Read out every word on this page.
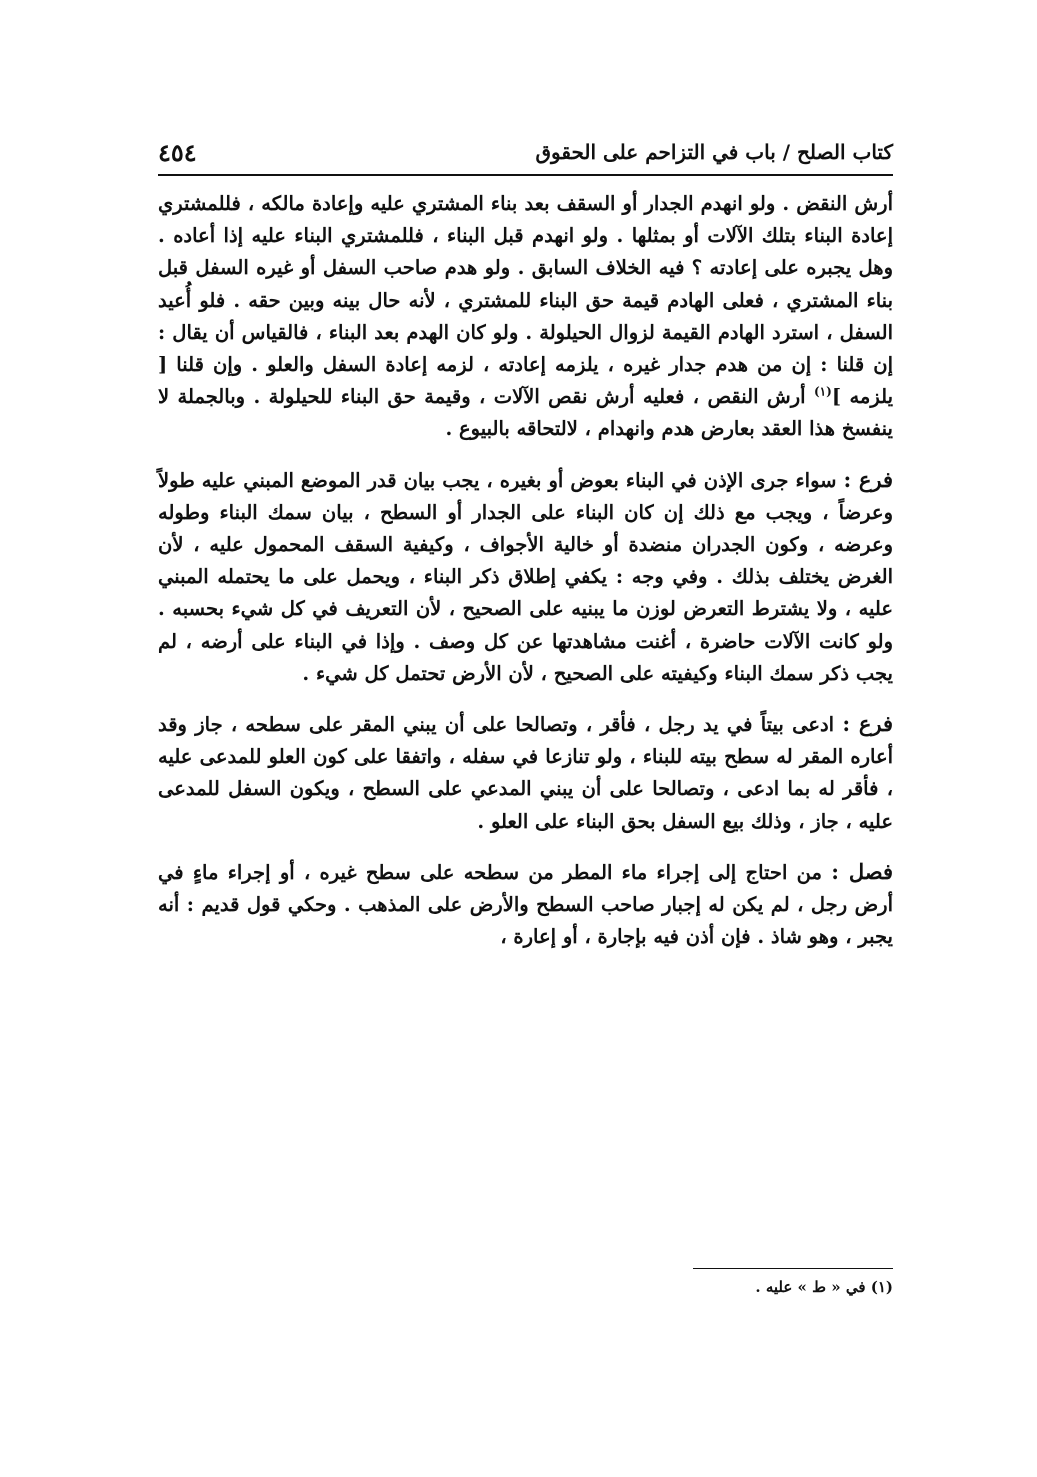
كتاب الصلح / باب في التزاحم على الحقوق
٤٥٤

أرش النقض . ولو انهدم الجدار أو السقف بعد بناء المشتري عليه وإعادة مالكه ، فللمشتري إعادة البناء بتلك الآلات أو بمثلها . ولو انهدم قبل البناء ، فللمشتري البناء عليه إذا أعاده . وهل يجبره على إعادته ؟ فيه الخلاف السابق . ولو هدم صاحب السفل أو غيره السفل قبل بناء المشتري ، فعلى الهادم قيمة حق البناء للمشتري ، لأنه حال بينه وبين حقه . فلو أُعيد السفل ، استرد الهادم القيمة لزوال الحيلولة . ولو كان الهدم بعد البناء ، فالقياس أن يقال : إن قلنا : إن من هدم جدار غيره ، يلزمه إعادته ، لزمه إعادة السفل والعلو . وإن قلنا [ يلزمه ]$^{(١)}$ أرش النقص ، فعليه أرش نقص الآلات ، وقيمة حق البناء للحيلولة . وبالجملة لا ينفسخ هذا العقد بعارض هدم وانهدام ، لالتحاقه بالبيوع .

فرع : سواء جرى الإذن في البناء بعوض أو بغيره ، يجب بيان قدر الموضع المبني عليه طولاً وعرضاً ، ويجب مع ذلك إن كان البناء على الجدار أو السطح ، بيان سمك البناء وطوله وعرضه ، وكون الجدران منضدة أو خالية الأجواف ، وكيفية السقف المحمول عليه ، لأن الغرض يختلف بذلك . وفي وجه : يكفي إطلاق ذكر البناء ، ويحمل على ما يحتمله المبني عليه ، ولا يشترط التعرض لوزن ما يبنيه على الصحيح ، لأن التعريف في كل شيء بحسبه . ولو كانت الآلات حاضرة ، أغنت مشاهدتها عن كل وصف . وإذا في البناء على أرضه ، لم يجب ذكر سمك البناء وكيفيته على الصحيح ، لأن الأرض تحتمل كل شيء .

فرع : ادعى بيتاً في يد رجل ، فأقر ، وتصالحا على أن يبني المقر على سطحه ، جاز وقد أعاره المقر له سطح بيته للبناء ، ولو تنازعا في سفله ، واتفقا على كون العلو للمدعى عليه ، فأقر له بما ادعى ، وتصالحا على أن يبني المدعي على السطح ، ويكون السفل للمدعى عليه ، جاز ، وذلك بيع السفل بحق البناء على العلو .

فصل : من احتاج إلى إجراء ماء المطر من سطحه على سطح غيره ، أو إجراء ماءٍ في أرض رجل ، لم يكن له إجبار صاحب السطح والأرض على المذهب . وحكي قول قديم : أنه يجبر ، وهو شاذ . فإن أذن فيه بإجارة ، أو إعارة ،

(١) في « ط » عليه .
